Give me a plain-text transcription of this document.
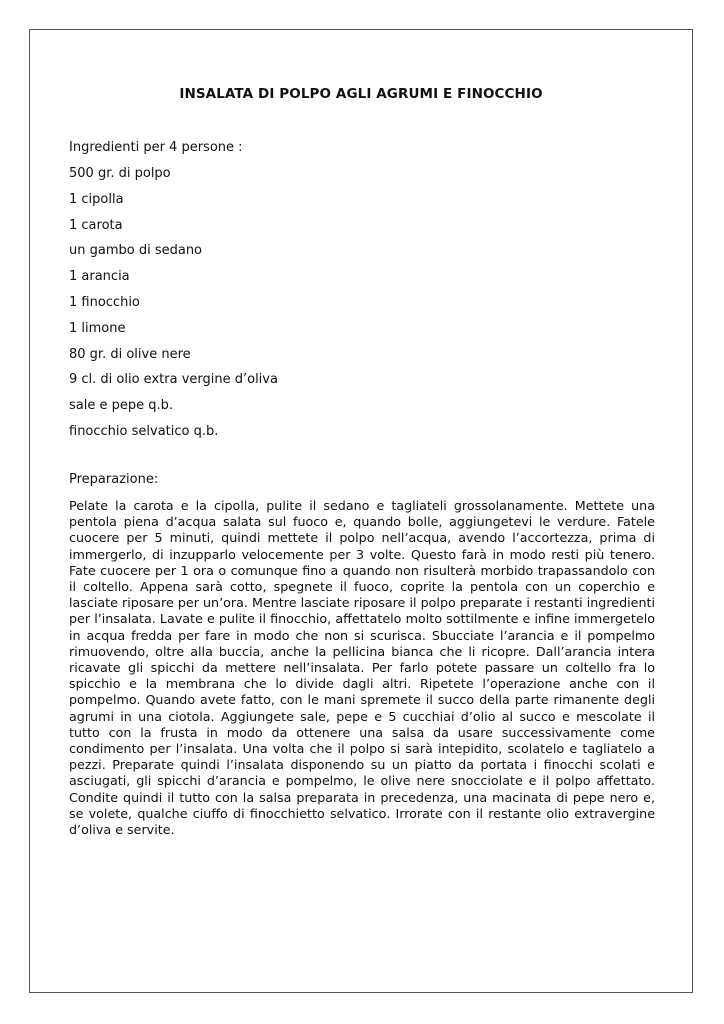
INSALATA DI POLPO AGLI AGRUMI E FINOCCHIO
Ingredienti per 4 persone :
500 gr. di polpo
1 cipolla
1 carota
un gambo di sedano
1 arancia
1 finocchio
1 limone
80 gr. di olive nere
9 cl. di olio extra vergine d’oliva
sale e pepe q.b.
finocchio selvatico q.b.
Preparazione:

Pelate la carota e la cipolla, pulite il sedano e tagliateli grossolanamente. Mettete una pentola piena d’acqua salata sul fuoco e, quando bolle, aggiungetevi le verdure. Fatele cuocere per 5 minuti, quindi mettete il polpo nell’acqua, avendo l’accortezza, prima di immergerlo, di inzupparlo velocemente per 3 volte. Questo farà in modo resti più tenero. Fate cuocere per 1 ora o comunque fino a quando non risulterà morbido trapassandolo con il coltello. Appena sarà cotto, spegnete il fuoco, coprite la pentola con un coperchio e lasciate riposare per un’ora. Mentre lasciate riposare il polpo preparate i restanti ingredienti per l’insalata. Lavate e pulite il finocchio, affettatelo molto sottilmente e infine immergetelo in acqua fredda per fare in modo che non si scurisca. Sbucciate l’arancia e il pompelmo rimuovendo, oltre alla buccia, anche la pellicina bianca che li ricopre. Dall’arancia intera ricavate gli spicchi da mettere nell’insalata. Per farlo potete passare un coltello fra lo spicchio e la membrana che lo divide dagli altri. Ripetete l’operazione anche con il pompelmo. Quando avete fatto, con le mani spremete il succo della parte rimanente degli agrumi in una ciotola. Aggiungete sale, pepe e 5 cucchiai d’olio al succo e mescolate il tutto con la frusta in modo da ottenere una salsa da usare successivamente come condimento per l’insalata. Una volta che il polpo si sarà intepidito, scolatelo e tagliatelo a pezzi. Preparate quindi l’insalata disponendo su un piatto da portata i finocchi scolati e asciugati, gli spicchi d’arancia e pompelmo, le olive nere snocciolate e il polpo affettato. Condite quindi il tutto con la salsa preparata in precedenza, una macinata di pepe nero e, se volete, qualche ciuffo di finocchietto selvatico. Irrorate con il restante olio extravergine d’oliva e servite.
